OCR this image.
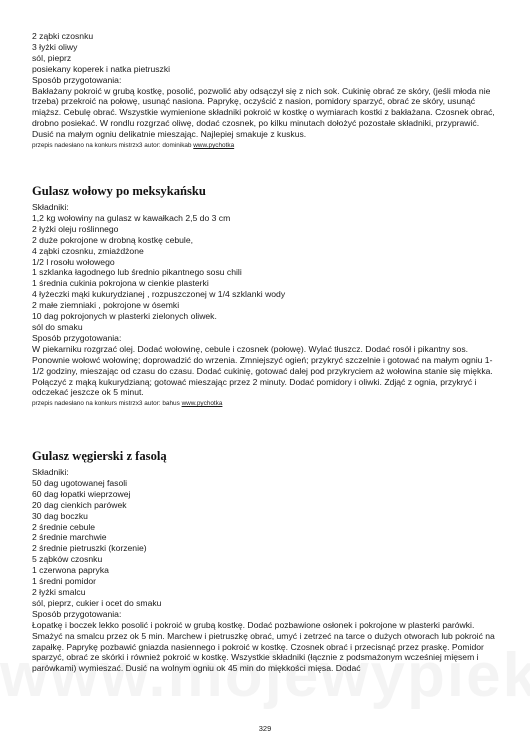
2 ząbki czosnku
3 łyżki oliwy
sól, pieprz
posiekany koperek i natka pietruszki
Sposób przygotowania:
Bakłażany pokroić w grubą kostkę, posolić, pozwolić aby odsączył się z nich sok. Cukinię obrać ze skóry, (jeśli młoda nie trzeba) przekroić na połowę, usunąć nasiona. Paprykę, oczyścić z nasion, pomidory sparzyć, obrać ze skóry, usunąć miąższ. Cebulę obrać. Wszystkie wymienione składniki pokroić w kostkę o wymiarach kostki z bakłażana. Czosnek obrać, drobno posiekać. W rondlu rozgrzać oliwę, dodać czosnek, po kilku minutach dołożyć pozostałe składniki, przyprawić. Dusić na małym ogniu delikatnie mieszając. Najlepiej smakuje z kuskus.
przepis nadesłano na konkurs mistrzx3 autor: dominikab www.pychotka
Gulasz wołowy po meksykańsku
Składniki:
1,2 kg wołowiny na gulasz w kawałkach 2,5 do 3 cm
2 łyżki oleju roślinnego
2 duże pokrojone w drobną kostkę cebule,
4 ząbki czosnku, zmiażdżone
1/2 l rosołu wołowego
1 szklanka łagodnego lub średnio pikantnego sosu chili
1 średnia cukinia pokrojona w cienkie plasterki
4 łyżeczki mąki kukurydzianej , rozpuszczonej w 1/4 szklanki wody
2 małe ziemniaki , pokrojone w ósemki
10 dag pokrojonych w plasterki zielonych oliwek.
sól do smaku
Sposób przygotowania:
W piekarniku rozgrzać olej. Dodać wołowinę, cebule i czosnek (połowę). Wylać tłuszcz. Dodać rosół i pikantny sos. Ponownie wołowć wołowinę; doprowadzić do wrzenia. Zmniejszyć ogień; przykryć szczelnie i gotować na małym ogniu 1-1/2 godziny, mieszając od czasu do czasu. Dodać cukinię, gotować dalej pod przykryciem aż wołowina stanie się miękka. Połączyć z mąką kukurydzianą; gotować mieszając przez 2 minuty. Dodać pomidory i oliwki. Zdjąć z ognia, przykryć i odczekać jeszcze ok 5 minut.
przepis nadesłano na konkurs mistrzx3 autor: bahus www.pychotka
Gulasz węgierski z fasolą
Składniki:
50 dag ugotowanej fasoli
60 dag łopatki wieprzowej
20 dag cienkich parówek
30 dag boczku
2 średnie cebule
2 średnie marchwie
2 średnie pietruszki (korzenie)
5 ząbków czosnku
1 czerwona papryka
1 średni pomidor
2 łyżki smalcu
sól, pieprz, cukier i ocet do smaku
Sposób przygotowania:
Łopatkę i boczek lekko posolić i pokroić w grubą kostkę. Dodać pozbawione osłonek i pokrojone w plasterki parówki. Smażyć na smalcu przez ok 5 min. Marchew i pietruszkę obrać, umyć i zetrzeć na tarce o dużych otworach lub pokroić na zapałkę. Paprykę pozbawić gniazda nasiennego i pokroić w kostkę. Czosnek obrać i przecisnąć przez praskę. Pomidor sparzyć, obrać ze skórki i również pokroić w kostkę. Wszystkie składniki (łącznie z podsmażonym wcześniej mięsem i parówkami) wymieszać. Dusić na wolnym ogniu ok 45 min do miękkości mięsa. Dodać
329
